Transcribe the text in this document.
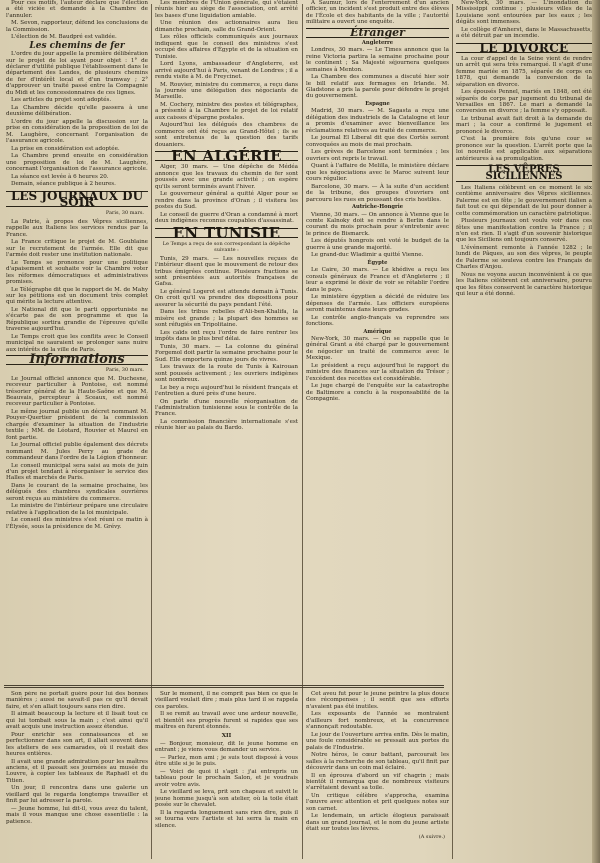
Pour ces motifs, l'auteur déclare que l'élection a été viciée et demande à la Chambre de l'annuler.

M. Sevon, rapporteur, défend les conclusions de la Commission.

L'élection de M. Baudpré est validée.

Les chemins de fer

L'ordre du jour appelle la première délibération sur le projet de loi ayant pour objet : 1° de déclarer d'utilité publique l'établissement dans le département des Landes, de plusieurs chemins de fer d'intérêt local et d'un tramway ; 2° d'approuver un traité passé entre la Compagnie du Midi et les concessionnaires de ces lignes.

Les articles du projet sont adoptés.

La Chambre décide qu'elle passera à une deuxième délibération.

L'ordre du jour appelle la discussion sur la prise en considération de la proposition de loi de M. Laughère, concernant l'organisation de l'assurance agricole.

La prise en considération est adoptée.

La Chambre prend ensuite en considération une proposition de loi de M. Laughère, concernant l'organisation de l'assurance agricole.

La séance est levée à 6 heures 20.

Demain, séance publique à 2 heures.

LES JOURNAUX DU SOIR
Paris, 30 mars.

La Patrie, à propos des Vêpres siciliennes, rappelle aux Italiens les services rendus par la France.

La France critique le projet de M. Goublaine sur le recrutement de l'armée. Elle dit que l'armée doit rester une institution nationale.

Le Temps se prononce pour une politique d'apaisement et souhaite voir la Chambre voter les réformes démocratiques et administratives promises.

Le Télégraphe dit que le rapport de M. de Mahy sur les pétitions est un document très complet qui mérite la lecture attentive.

Le National dit que le parti opportuniste ne s'écarte pas de son programme et que la République sortira grandie de l'épreuve qu'elle traverse aujourd'hui.

Le Temps croit que les conflits avec le Conseil municipal ne sauraient se prolonger sans nuire aux intérêts de la ville de Paris.

Informations
Paris, 30 mars.

Le Journal officiel annonce que M. Duchesne, receveur particulier à Pontoise, est nommé trésorier général de la Haute-Saône et que M. Beauvais, percepteur à Sceaux, est nommé receveur particulier à Pontoise.

Le même journal publie un décret nommant M. Pouyer-Quertier président de la commission chargée d'examiner la situation de l'industrie textile ; MM. de Léotard, Rouvier et Maurel en font partie.

Le Journal officiel publie également des décrets nommant M. Jules Perry au grade de commandeur dans l'ordre de la Légion d'honneur.

Le conseil municipal sera saisi au mois de juin d'un projet tendant à réorganiser le service des Halles et marchés de Paris.

Dans le courant de la semaine prochaine, les délégués des chambres syndicales ouvrières seront reçus au ministère du commerce.

Le ministre de l'intérieur prépare une circulaire relative à l'application de la loi municipale.

Le conseil des ministres s'est réuni ce matin à l'Élysée, sous la présidence de M. Grévy.

Les membres de l'Union générale, qui s'étaient réunis hier au siège de l'association, ont arrêté les bases d'une liquidation amiable.

Une réunion des actionnaires aura lieu dimanche prochain, salle du Grand-Orient.

Les rôles officiels communiqués aux journaux indiquent que le conseil des ministres s'est occupé des affaires d'Égypte et de la situation en Tunisie.

Lord Lyons, ambassadeur d'Angleterre, est arrivé aujourd'hui à Paris, venant de Londres ; il a rendu visite à M. de Freycinet.

M. Rouvier, ministre du commerce, a reçu dans la journée une délégation des négociants de Marseille.

M. Cochery, ministre des postes et télégraphes, a présenté à la Chambre le projet de loi relatif aux caisses d'épargne postales.

Aujourd'hui les délégués des chambres de commerce ont été reçus au Grand-Hôtel ; ils se sont entretenus de la question des tarifs douaniers.

EN ALGÉRIE

Alger, 30 mars. — Une dépêche de Médéa annonce que les travaux du chemin de fer sont poussés avec une grande activité ; on espère qu'ils seront terminés avant l'hiver.

Le gouverneur général a quitté Alger pour se rendre dans la province d'Oran ; il visitera les postes du Sud.

Le conseil de guerre d'Oran a condamné à mort deux indigènes reconnus coupables d'assassinat.

EN TUNISIE
Le Temps a reçu de son correspondant la dépêche suivante :

Tunis, 29 mars. — Les nouvelles reçues de l'intérieur disent que le mouvement de retour des tribus émigrées continue. Plusieurs fractions se sont présentées aux autorités françaises de Gafsa.

Le général Logerot est attendu demain à Tunis. On croit qu'il va prendre des dispositions pour assurer la sécurité du pays pendant l'été.

Dans les tribus rebelles d'Ali-ben-Khalifa, la misère est grande ; la plupart des hommes se sont réfugiés en Tripolitaine.

Les caïds ont reçu l'ordre de faire rentrer les impôts dans le plus bref délai.

Tunis, 30 mars. — La colonne du général Forgemol doit partir la semaine prochaine pour le Sud. Elle emportera quinze jours de vivres.

Les travaux de la route de Tunis à Kairouan sont poussés activement ; les ouvriers indigènes sont nombreux.

Le bey a reçu aujourd'hui le résident français et l'entretien a duré près d'une heure.

On parle d'une nouvelle réorganisation de l'administration tunisienne sous le contrôle de la France.

La commission financière internationale s'est réunie hier au palais du Bardo.

À Saumur, lors de l'enterrement d'un ancien officier, un incident s'est produit entre des élèves de l'École et des habitants de la ville ; l'autorité militaire a ouvert une enquête.

Étranger
Angleterre

Londres, 30 mars. — Le Times annonce que la reine Victoria partira la semaine prochaine pour le continent ; Sa Majesté séjournera quelques semaines à Menton.

La Chambre des communes a discuté hier soir le bill relatif aux fermages en Irlande. M. Gladstone a pris la parole pour défendre le projet du gouvernement.

Espagne

Madrid, 30 mars. — M. Sagasta a reçu une délégation des industriels de la Catalogne et leur a promis d'examiner avec bienveillance les réclamations relatives au traité de commerce.

Le journal El Liberal dit que des Cortès seront convoquées au mois de mai prochain.

Les grèves de Barcelone sont terminées ; les ouvriers ont repris le travail.

Quant à l'affaire de Melilla, le ministère déclare que les négociations avec le Maroc suivent leur cours régulier.

Barcelone, 30 mars. — À la suite d'un accident de la tribune, des groupes d'ouvriers ont parcouru les rues en poussant des cris hostiles.

Autriche-Hongrie

Vienne, 30 mars. — On annonce à Vienne que le comte Kalnoky doit se rendre à Berlin dans le courant du mois prochain pour s'entretenir avec le prince de Bismarck.

Les députés hongrois ont voté le budget de la guerre à une grande majorité.

Le grand-duc Wladimir a quitté Vienne.

Égypte

Le Caire, 30 mars. — Le khédive a reçu les consuls généraux de France et d'Angleterre ; il leur a exprimé le désir de voir se rétablir l'ordre dans le pays.

Le ministère égyptien a décidé de réduire les dépenses de l'armée. Les officiers européens seront maintenus dans leurs grades.

Le contrôle anglo-français va reprendre ses fonctions.

Amérique

New-York, 30 mars. — On se rappelle que le général Grant a été chargé par le gouvernement de négocier un traité de commerce avec le Mexique.

Le président a reçu aujourd'hui le rapport du ministre des finances sur la situation du Trésor ; l'excédent des recettes est considérable.

Le juge chargé de l'enquête sur la catastrophe de Baltimore a conclu à la responsabilité de la Compagnie.

New-York, 30 mars. — L'inondation du Mississippi continue ; plusieurs villes de la Louisiane sont entourées par les eaux ; les dégâts sont immenses.

Le collège d'Amherst, dans le Massachusetts, a été détruit par un incendie.

LE DIVORCE

La cour d'appel de la Seine vient de rendre un arrêt qui sera très remarqué. Il s'agit d'une femme mariée en 1875, séparée de corps en 1878, qui demande la conversion de la séparation en divorce.

Les épousés Pennel, mariés en 1848, ont été séparés de corps par jugement du tribunal de Versailles en 1867. Le mari a demandé la conversion en divorce ; la femme s'y opposait.

Le tribunal avait fait droit à la demande du mari ; la cour a confirmé le jugement et prononcé le divorce.

C'est la première fois qu'une cour se prononce sur la question. L'arrêt porte que la loi nouvelle est applicable aux séparations antérieures à sa promulgation.

LES VÊPRES SICILIENNES

Les Italiens célèbrent en ce moment le six centième anniversaire des Vêpres siciliennes. Palerme est en fête ; le gouvernement italien a fait tout ce qui dépendait de lui pour donner à cette commémoration un caractère patriotique.

Plusieurs journaux ont voulu voir dans ces fêtes une manifestation contre la France ; il n'en est rien. Il s'agit d'un souvenir historique que les Siciliens ont toujours conservé.

L'événement remonte à l'année 1282 ; le lundi de Pâques, au son des vêpres, le peuple de Palerme se souleva contre les Français de Charles d'Anjou.

Nous ne voyons aucun inconvénient à ce que les Italiens célèbrent cet anniversaire, pourvu que les fêtes conservent le caractère historique qui leur a été donné.

Son père ne portait guère pour lui des bonnes manières ; aussi ne savait-il pas ce qu'il devait faire, et s'en allait toujours sans rien dire.

Il aimait beaucoup la lecture et il lisait tout ce qui lui tombait sous la main ; c'est ainsi qu'il avait acquis une instruction assez étendue.

Pour enrichir ses connaissances et se perfectionner dans son art, il allait souvent dans les ateliers de ses camarades, où il restait des heures entières.

Il avait une grande admiration pour les maîtres anciens, et il passait ses journées au musée du Louvre, à copier les tableaux de Raphaël et du Titien.

Un jour, il rencontra dans une galerie un vieillard qui le regarda longtemps travailler et finit par lui adresser la parole.

— Jeune homme, lui dit-il, vous avez du talent, mais il vous manque une chose essentielle : la patience.

Sur le moment, il ne comprit pas bien ce que le vieillard voulait dire ; mais plus tard il se rappela ces paroles.

Il se remit au travail avec une ardeur nouvelle, et bientôt ses progrès furent si rapides que ses maîtres en furent étonnés.

XII

— Bonjour, monsieur, dit le jeune homme en entrant ; je viens vous demander un service.

— Parlez, mon ami ; je suis tout disposé à vous être utile si je le puis.

— Voici de quoi il s'agit : j'ai entrepris un tableau pour le prochain Salon, et je voudrais avoir votre avis.

Le vieillard se leva, prit son chapeau et suivit le jeune homme jusqu'à son atelier, où la toile était posée sur le chevalet.

Il la regarda longuement sans rien dire, puis il se tourna vers l'artiste et lui serra la main en silence.

Cet aveu fut pour le jeune peintre la plus douce des récompenses ; il sentit que ses efforts n'avaient pas été inutiles.

Les exposants de l'année se montraient d'ailleurs fort nombreux, et la concurrence s'annonçait redoutable.

Le jour de l'ouverture arriva enfin. Dès le matin, une foule considérable se pressait aux portes du palais de l'Industrie.

Notre héros, le cœur battant, parcourait les salles à la recherche de son tableau, qu'il finit par découvrir dans un coin mal éclairé.

Il en éprouva d'abord un vif chagrin ; mais bientôt il remarqua que de nombreux visiteurs s'arrêtaient devant sa toile.

Un critique célèbre s'approcha, examina l'œuvre avec attention et prit quelques notes sur son carnet.

Le lendemain, un article élogieux paraissait dans un grand journal, et le nom du jeune artiste était sur toutes les lèvres.

(A suivre.)
